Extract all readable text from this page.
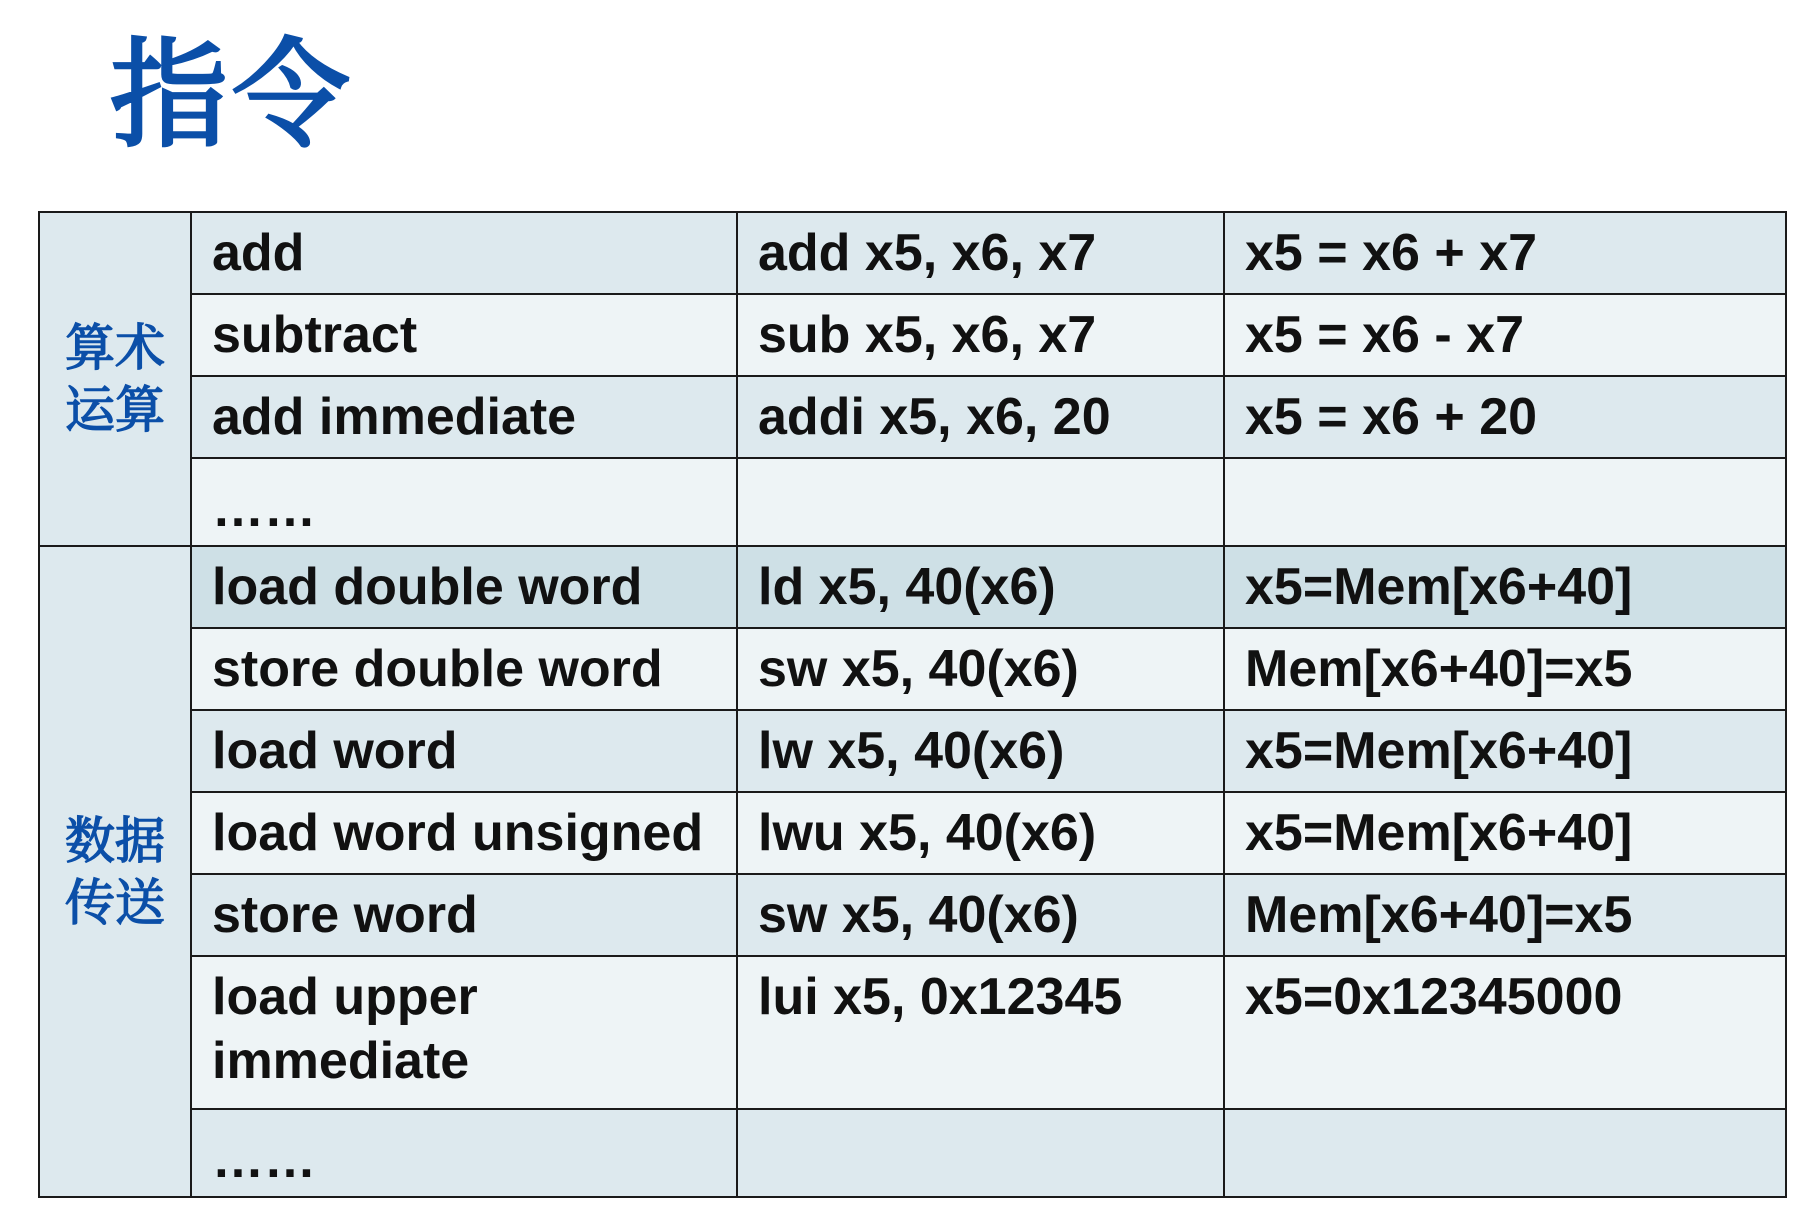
指令
算术
运算	add	add x5, x6, x7	x5 = x6 + x7
	subtract	sub x5, x6, x7	x5 = x6 - x7
	add immediate	addi x5, x6, 20	x5 = x6 + 20
	……		
数据
传送	load double word	ld x5, 40(x6)	x5=Mem[x6+40]
	store double word	sw x5, 40(x6)	Mem[x6+40]=x5
	load word	lw x5, 40(x6)	x5=Mem[x6+40]
	load word unsigned	lwu x5, 40(x6)	x5=Mem[x6+40]
	store word	sw x5, 40(x6)	Mem[x6+40]=x5
	load upper immediate	lui x5, 0x12345	x5=0x12345000
	……		
